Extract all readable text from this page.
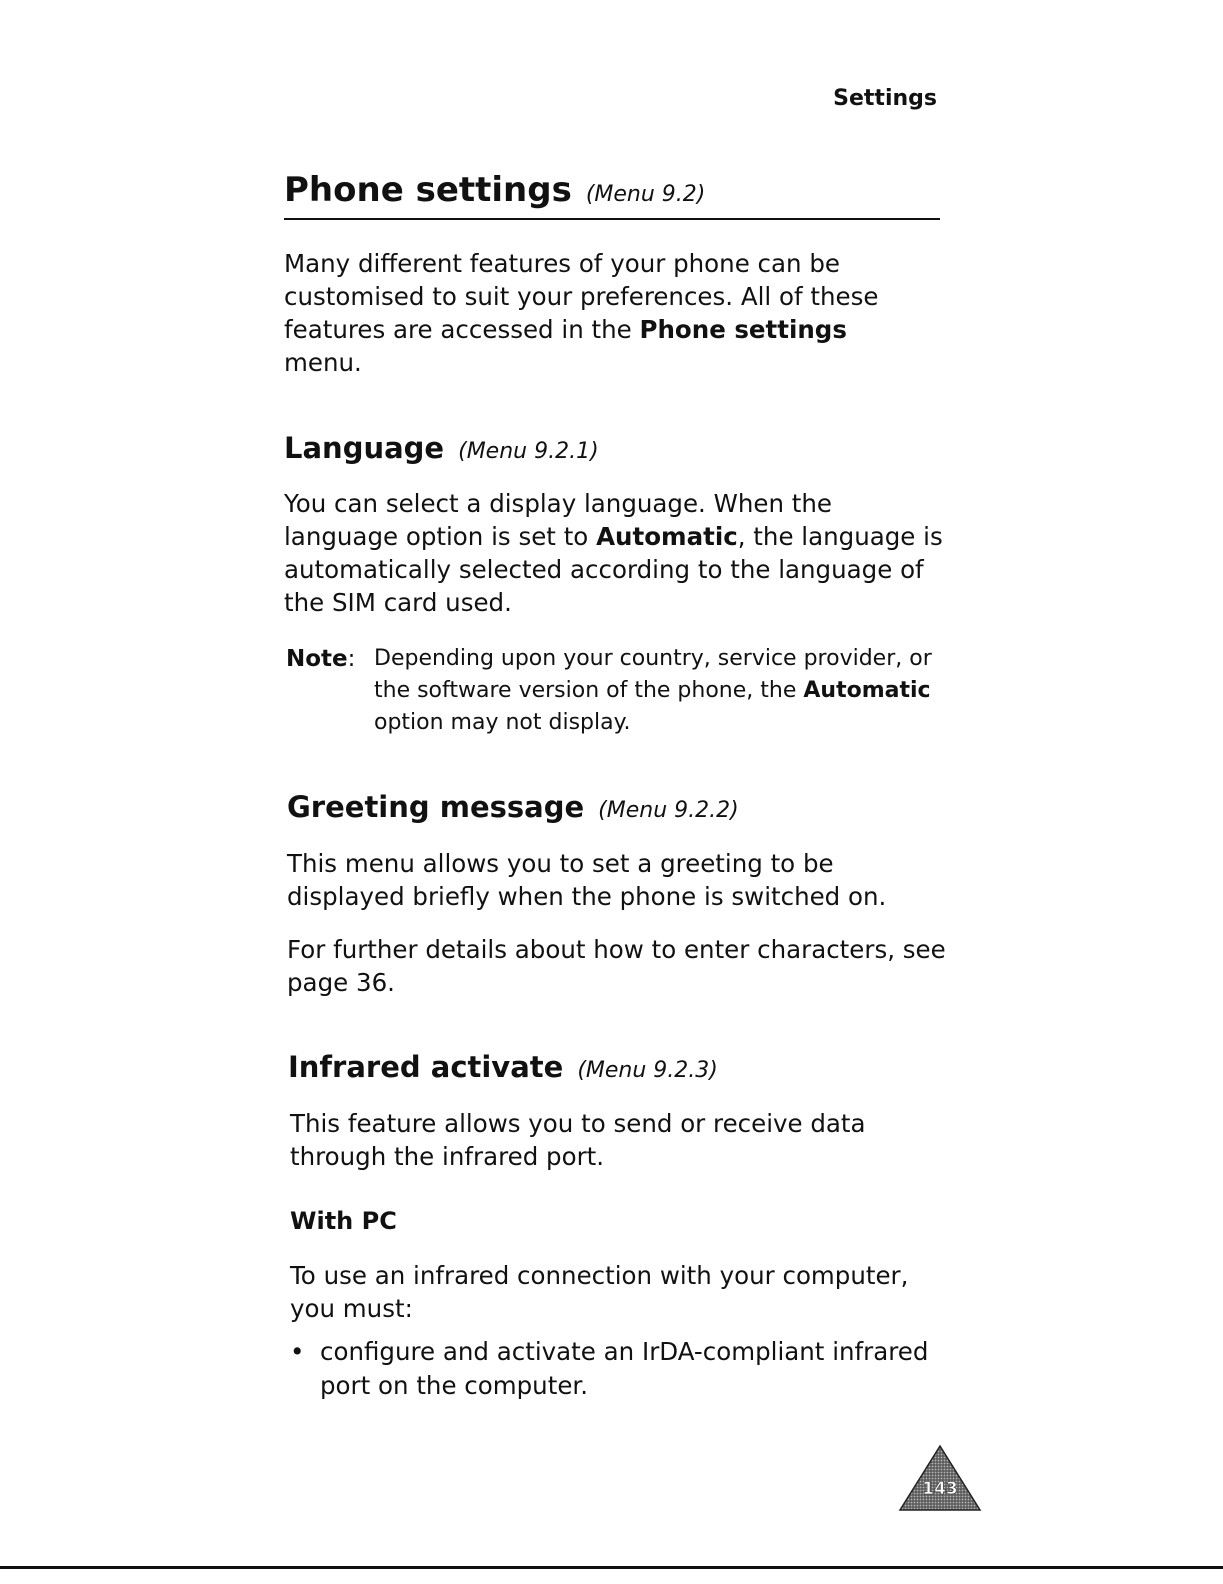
Settings
Phone settings (Menu 9.2)
Many different features of your phone can be customised to suit your preferences. All of these features are accessed in the Phone settings menu.
Language (Menu 9.2.1)
You can select a display language. When the language option is set to Automatic, the language is automatically selected according to the language of the SIM card used.
Note: Depending upon your country, service provider, or the software version of the phone, the Automatic option may not display.
Greeting message (Menu 9.2.2)
This menu allows you to set a greeting to be displayed briefly when the phone is switched on.
For further details about how to enter characters, see page 36.
Infrared activate (Menu 9.2.3)
This feature allows you to send or receive data through the infrared port.
With PC
To use an infrared connection with your computer, you must:
• configure and activate an IrDA-compliant infrared port on the computer.
143
